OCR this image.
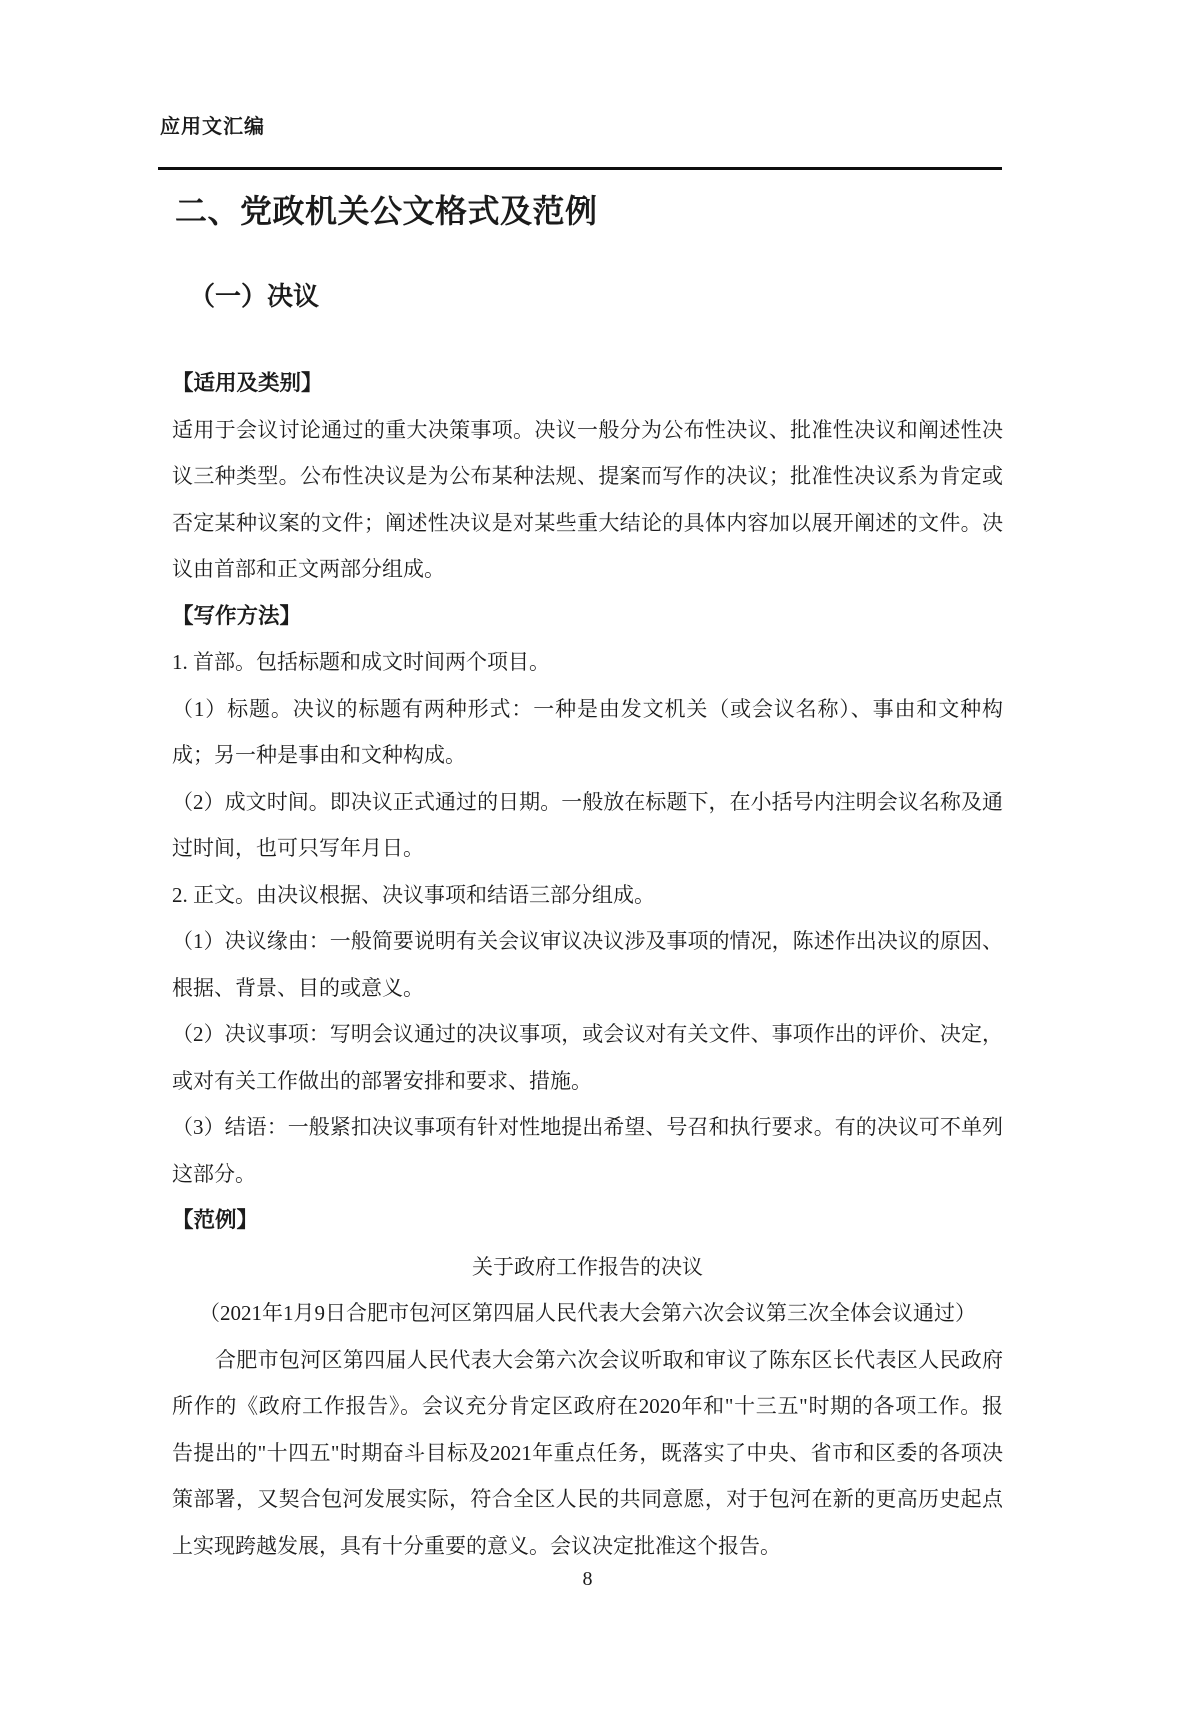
应用文汇编
二、党政机关公文格式及范例
（一）决议
【适用及类别】
适用于会议讨论通过的重大决策事项。决议一般分为公布性决议、批准性决议和阐述性决
议三种类型。公布性决议是为公布某种法规、提案而写作的决议；批准性决议系为肯定或
否定某种议案的文件；阐述性决议是对某些重大结论的具体内容加以展开阐述的文件。决
议由首部和正文两部分组成。
【写作方法】
1. 首部。包括标题和成文时间两个项目。
（1）标题。决议的标题有两种形式：一种是由发文机关（或会议名称）、事由和文种构
成；另一种是事由和文种构成。
（2）成文时间。即决议正式通过的日期。一般放在标题下，在小括号内注明会议名称及通
过时间，也可只写年月日。
2. 正文。由决议根据、决议事项和结语三部分组成。
（1）决议缘由：一般简要说明有关会议审议决议涉及事项的情况，陈述作出决议的原因、
根据、背景、目的或意义。
（2）决议事项：写明会议通过的决议事项，或会议对有关文件、事项作出的评价、决定，
或对有关工作做出的部署安排和要求、措施。
（3）结语：一般紧扣决议事项有针对性地提出希望、号召和执行要求。有的决议可不单列
这部分。
【范例】
关于政府工作报告的决议
（2021年1月9日合肥市包河区第四届人民代表大会第六次会议第三次全体会议通过）
合肥市包河区第四届人民代表大会第六次会议听取和审议了陈东区长代表区人民政府
所作的《政府工作报告》。会议充分肯定区政府在2020年和"十三五"时期的各项工作。报
告提出的"十四五"时期奋斗目标及2021年重点任务，既落实了中央、省市和区委的各项决
策部署，又契合包河发展实际，符合全区人民的共同意愿，对于包河在新的更高历史起点
上实现跨越发展，具有十分重要的意义。会议决定批准这个报告。
8
